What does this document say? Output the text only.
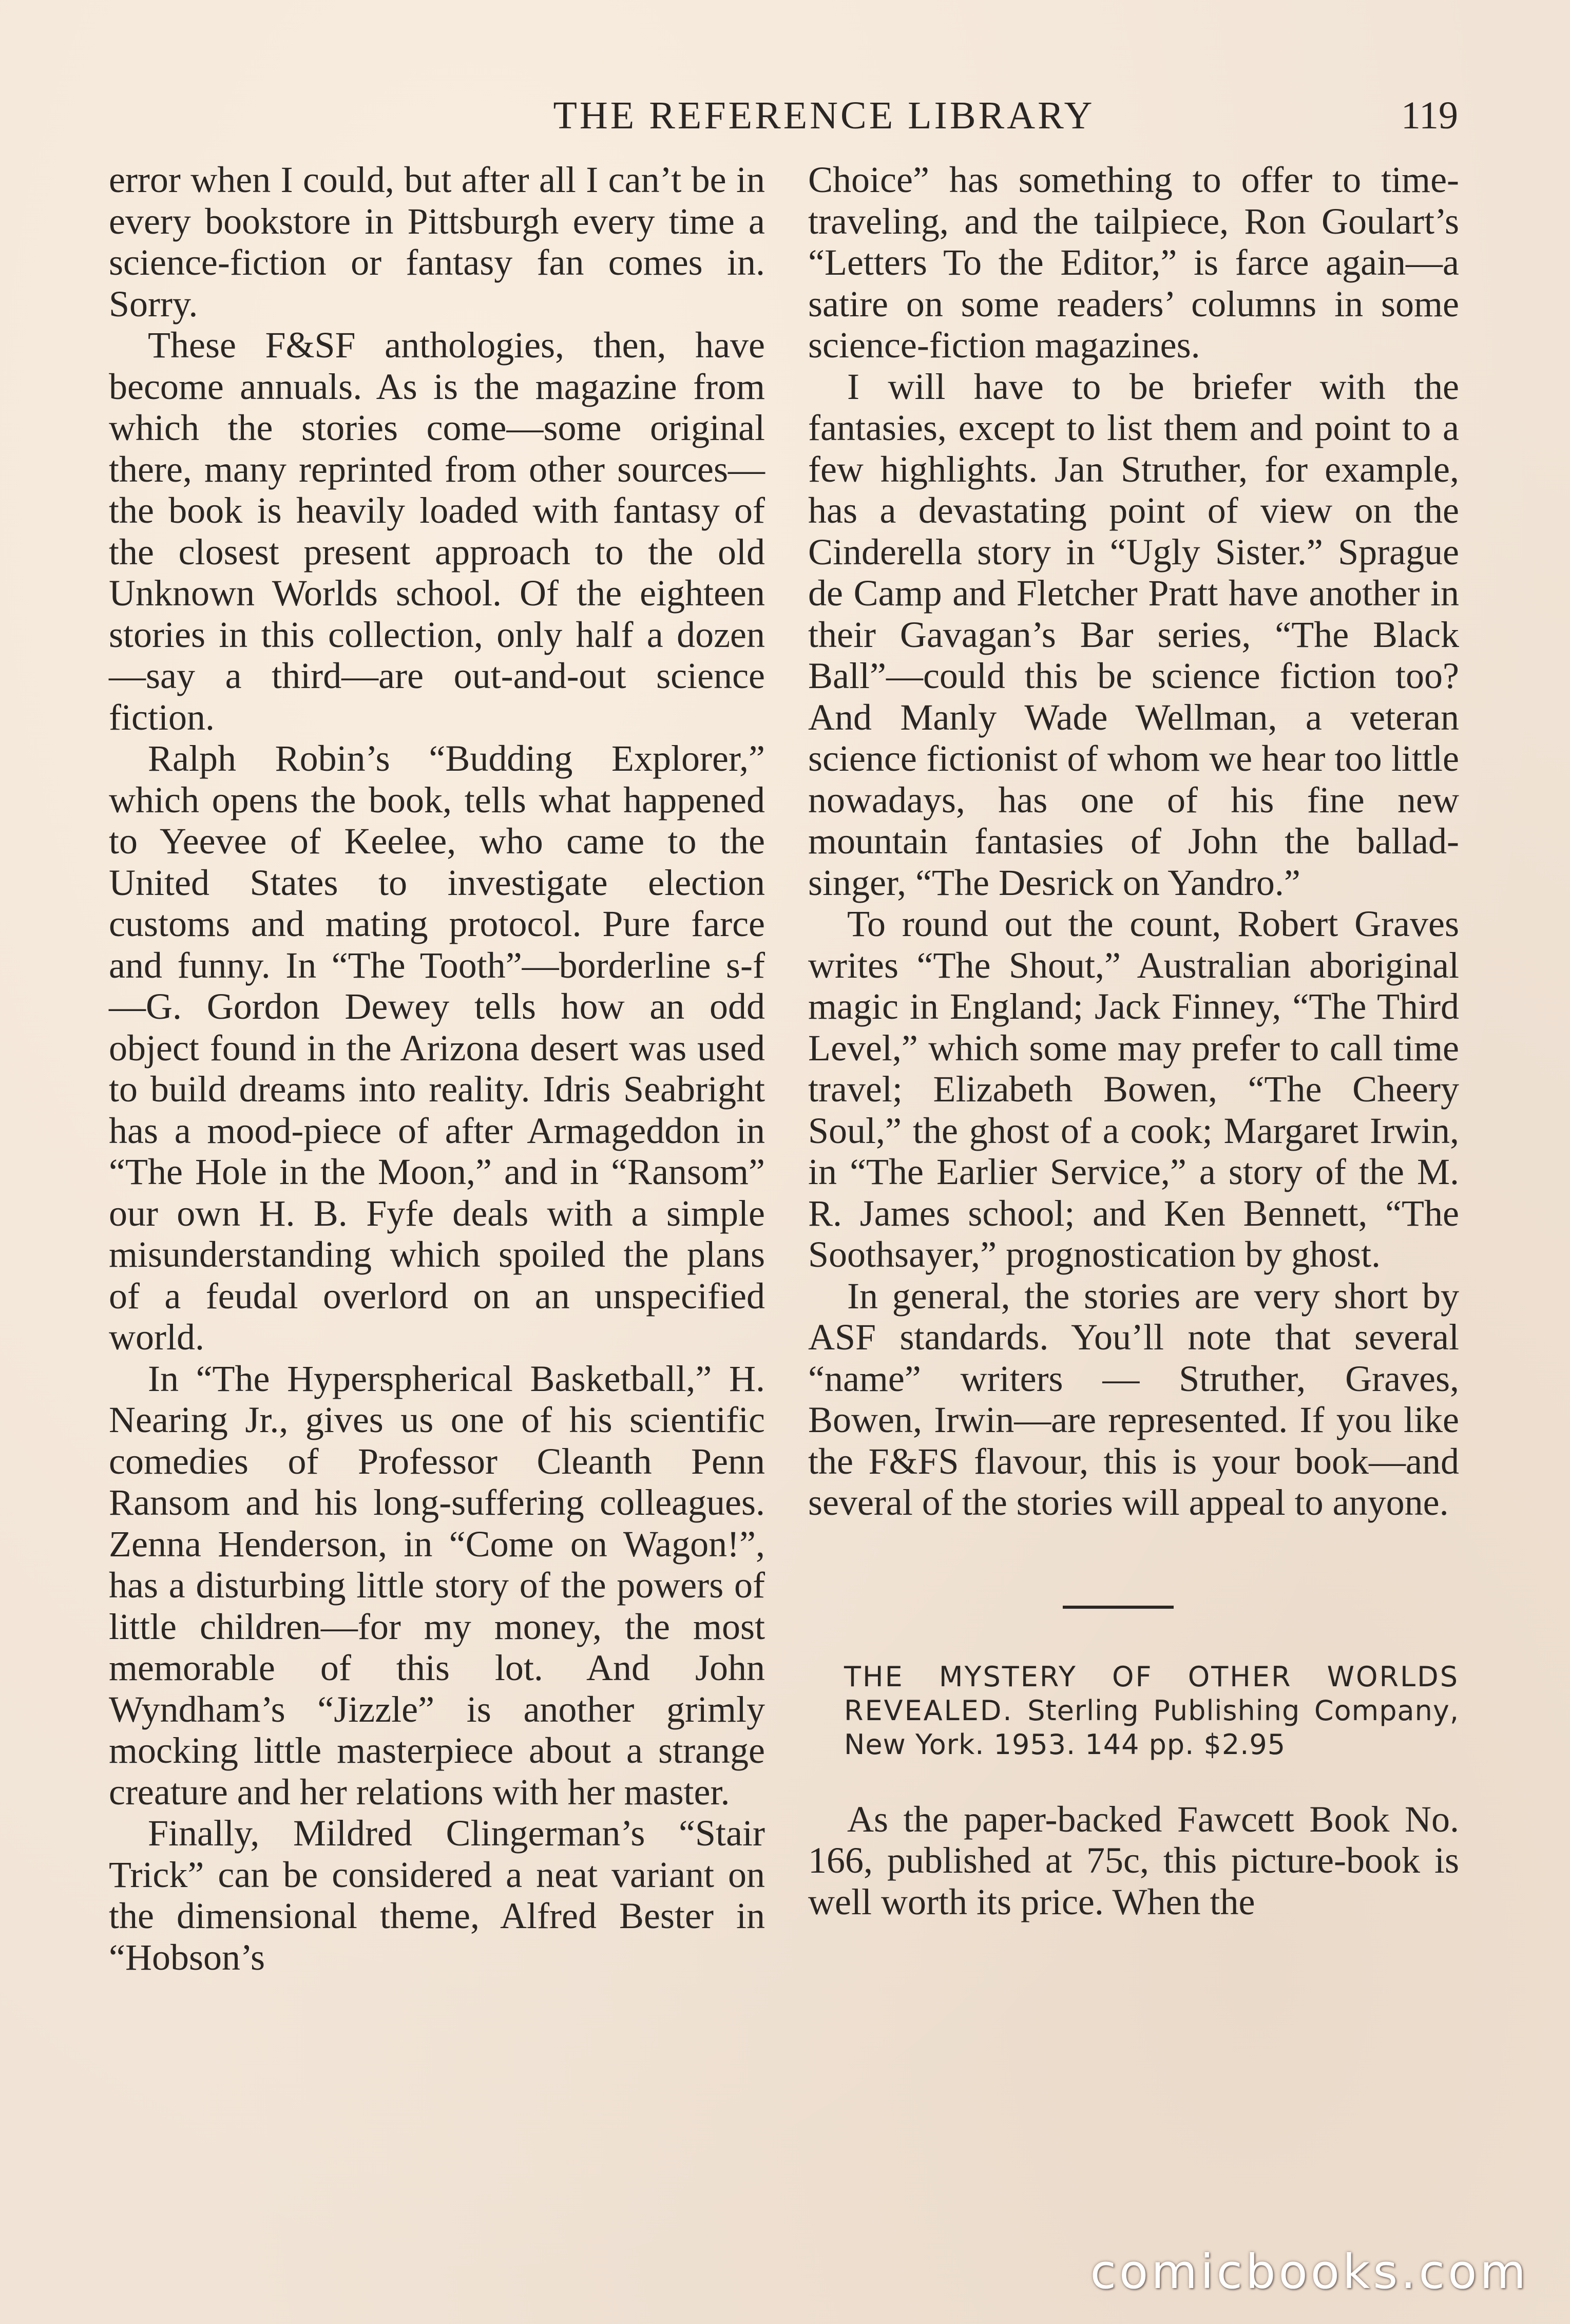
THE REFERENCE LIBRARY	119

error when I could, but after all I can’t be in every bookstore in Pittsburgh every time a science-fiction or fantasy fan comes in. Sorry.

These F&SF anthologies, then, have become annuals. As is the magazine from which the stories come—some original there, many reprinted from other sources—the book is heavily loaded with fantasy of the closest present approach to the old Unknown Worlds school. Of the eighteen stories in this collection, only half a dozen—say a third—are out-and-out science fiction.

Ralph Robin’s “Budding Explorer,” which opens the book, tells what happened to Yeevee of Keelee, who came to the United States to investigate election customs and mating protocol. Pure farce and funny. In “The Tooth”—borderline s-f—G. Gordon Dewey tells how an odd object found in the Arizona desert was used to build dreams into reality. Idris Seabright has a mood-piece of after Armageddon in “The Hole in the Moon,” and in “Ransom” our own H. B. Fyfe deals with a simple misunderstanding which spoiled the plans of a feudal overlord on an unspecified world.

In “The Hyperspherical Basketball,” H. Nearing Jr., gives us one of his scientific comedies of Professor Cleanth Penn Ransom and his long-suffering colleagues. Zenna Henderson, in “Come on Wagon!”, has a disturbing little story of the powers of little children—for my money, the most memorable of this lot. And John Wyndham’s “Jizzle” is another grimly mocking little masterpiece about a strange creature and her relations with her master.

Finally, Mildred Clingerman’s “Stair Trick” can be considered a neat variant on the dimensional theme, Alfred Bester in “Hobson’s

Choice” has something to offer to time-traveling, and the tailpiece, Ron Goulart’s “Letters To the Editor,” is farce again—a satire on some readers’ columns in some science-fiction magazines.

I will have to be briefer with the fantasies, except to list them and point to a few highlights. Jan Struther, for example, has a devastating point of view on the Cinderella story in “Ugly Sister.” Sprague de Camp and Fletcher Pratt have another in their Gavagan’s Bar series, “The Black Ball”—could this be science fiction too? And Manly Wade Wellman, a veteran science fictionist of whom we hear too little nowadays, has one of his fine new mountain fantasies of John the ballad-singer, “The Desrick on Yandro.”

To round out the count, Robert Graves writes “The Shout,” Australian aboriginal magic in England; Jack Finney, “The Third Level,” which some may prefer to call time travel; Elizabeth Bowen, “The Cheery Soul,” the ghost of a cook; Margaret Irwin, in “The Earlier Service,” a story of the M. R. James school; and Ken Bennett, “The Soothsayer,” prognostication by ghost.

In general, the stories are very short by ASF standards. You’ll note that several “name” writers — Struther, Graves, Bowen, Irwin—are represented. If you like the F&FS flavour, this is your book—and several of the stories will appeal to anyone.

THE MYSTERY OF OTHER WORLDS REVEALED. Sterling Publishing Company, New York. 1953. 144 pp. $2.95

As the paper-backed Fawcett Book No. 166, published at 75c, this picture-book is well worth its price. When the

comicbooks.com
